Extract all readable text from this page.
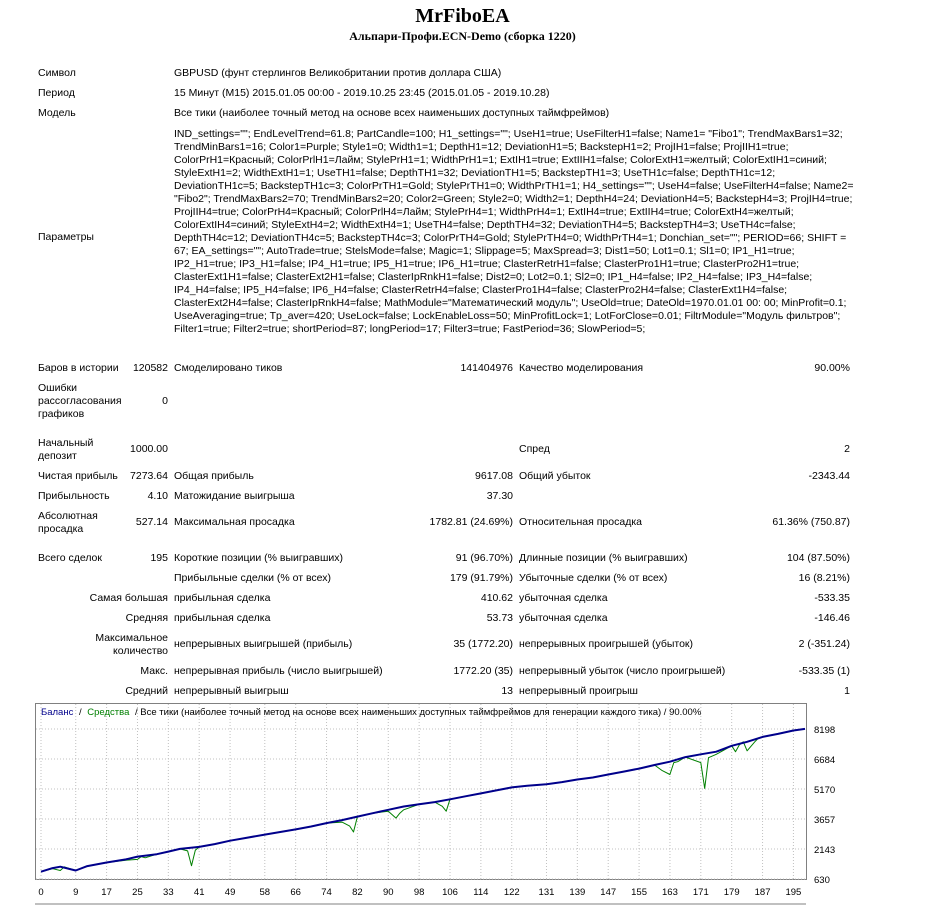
MrFiboEA
Альпари-Профи.ECN-Demo (сборка 1220)
Символ	GBPUSD (фунт стерлингов Великобритании против доллара США)
Период	15 Минут (M15) 2015.01.05 00:00 - 2019.10.25 23:45 (2015.01.05 - 2019.10.28)
Модель	Все тики (наиболее точный метод на основе всех наименьших доступных таймфреймов)
Параметры
IND_settings=""; EndLevelTrend=61.8; PartCandle=100; H1_settings=""; UseH1=true; UseFilterH1=false; Name1= "Fibo1"; TrendMaxBars1=32; TrendMinBars1=16; Color1=Purple; Style1=0; Width1=1; DepthH1=12; DeviationH1=5; BackstepH1=2; ProjIH1=false; ProjIIH1=true; ColorPrH1=Красный; ColorPrlH1=Лайм; StylePrH1=1; WidthPrH1=1; ExtIH1=true; ExtIIH1=false; ColorExtH1=желтый; ColorExtIH1=синий; StyleExtH1=2; WidthExtH1=1; UseTH1=false; DepthTH1=32; DeviationTH1=5; BackstepTH1=3; UseTH1c=false; DepthTH1c=12; DeviationTH1c=5; BackstepTH1c=3; ColorPrTH1=Gold; StylePrTH1=0; WidthPrTH1=1; H4_settings=""; UseH4=false; UseFilterH4=false; Name2= "Fibo2"; TrendMaxBars2=70; TrendMinBars2=20; Color2=Green; Style2=0; Width2=1; DepthH4=24; DeviationH4=5; BackstepH4=3; ProjIH4=true; ProjIIH4=true; ColorPrH4=Красный; ColorPrlH4=Лайм; StylePrH4=1; WidthPrH4=1; ExtIH4=true; ExtIIH4=true; ColorExtH4=желтый; ColorExtIH4=синий; StyleExtH4=2; WidthExtH4=1; UseTH4=false; DepthTH4=32; DeviationTH4=5; BackstepTH4=3; UseTH4c=false; DepthTH4c=12; DeviationTH4c=5; BackstepTH4c=3; ColorPrTH4=Gold; StylePrTH4=0; WidthPrTH4=1; Donchian_set=""; PERIOD=66; SHIFT = 67; EA_settings=""; AutoTrade=true; StelsMode=false; Magic=1; Slippage=5; MaxSpread=3; Dist1=50; Lot1=0.1; Sl1=0; IP1_H1=true; IP2_H1=true; IP3_H1=false; IP4_H1=true; IP5_H1=true; IP6_H1=true; ClasterRetrH1=false; ClasterPro1H1=true; ClasterPro2H1=true; ClasterExt1H1=false; ClasterExt2H1=false; ClasterIpRnkH1=false; Dist2=0; Lot2=0.1; Sl2=0; IP1_H4=false; IP2_H4=false; IP3_H4=false; IP4_H4=false; IP5_H4=false; IP6_H4=false; ClasterRetrH4=false; ClasterPro1H4=false; ClasterPro2H4=false; ClasterExt1H4=false; ClasterExt2H4=false; ClasterIpRnkH4=false; MathModule="Математический модуль"; UseOld=true; DateOld=1970.01.01 00: 00; MinProfit=0.1; UseAveraging=true; Tp_aver=420; UseLock=false; LockEnableLoss=50; MinProfitLock=1; LotForClose=0.01; FiltrModule="Модуль фильтров"; Filter1=true; Filter2=true; shortPeriod=87; longPeriod=17; Filter3=true; FastPeriod=36; SlowPeriod=5;
Баров в истории	120582 Смоделировано тиков	141404976 Качество моделирования	90.00%
Ошибки
рассогласования
графиков
0
Начальный
депозит
1000.00	Спред	2
Чистая прибыль	7273.64 Общая прибыль	9617.08 Общий убыток	-2343.44
Прибыльность	4.10 Матожидание выигрыша	37.30
Абсолютная
просадка
527.14 Максимальная просадка	1782.81 (24.69%) Относительная просадка	61.36% (750.87)
Всего сделок	195 Короткие позиции (% выигравших)	91 (96.70%) Длинные позиции (% выигравших)	104 (87.50%)
Прибыльные сделки (% от всех)	179 (91.79%) Убыточные сделки (% от всех)	16 (8.21%)
Самая большая прибыльная сделка	410.62 убыточная сделка	-533.35
Средняя прибыльная сделка	53.73 убыточная сделка	-146.46
Максимальное
количество
непрерывных выигрышей (прибыль)	35 (1772.20) непрерывных проигрышей (убыток)	2 (-351.24)
Макс. непрерывная прибыль (число выигрышей)	1772.20 (35) непрерывный убыток (число проигрышей)	-533.35 (1)
Средний непрерывный выигрыш	13 непрерывный проигрыш	1
Баланс / Средства / Все тики (наиболее точный метод на основе всех наименьших доступных таймфреймов для генерации каждого тика) / 90.00%
0	9 17 25 33 41 49	58 66 74 82 90 98 106 114 122 131 139 147 155 163 171 179 187 195
8198
6684
5170
3657
2143
630
